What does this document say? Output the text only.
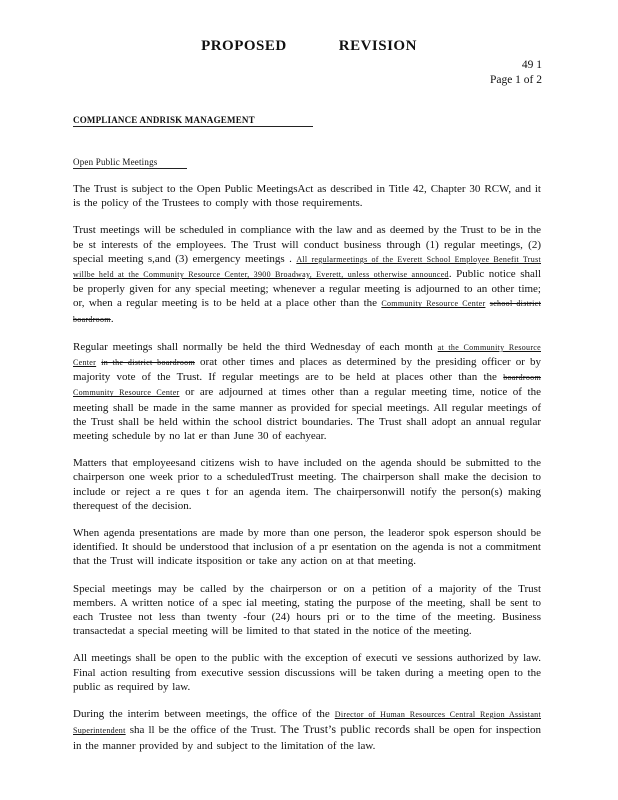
PROPOSED	REVISION
49 1
Page 1 of 2
COMPLIANCE ANDRISK MANAGEMENT
Open Public Meetings

The Trust is subject to the Open Public MeetingsAct as described in Title 42, Chapter 30 RCW, and it is the policy of the Trustees to comply with those requirements.

Trust meetings will be scheduled in compliance with the law and as deemed by the Trust to be in the be st interests of the employees. The Trust will conduct business through (1) regular meetings, (2) special meeting s,and (3) emergency meetings . All regularmeetings of the Everett School Employee Benefit Trust willbe held at the Community Resource Center, 3900 Broadway, Everett, unless otherwise announced. Public notice shall be properly given for any special meeting; whenever a regular meeting is adjourned to an other time; or, when a regular meeting is to be held at a place other than the Community Resource Center school district boardroom.

Regular meetings shall normally be held the third Wednesday of each month at the Community Resource Center in the district boardroom orat other times and places as determined by the presiding officer or by majority vote of the Trust. If regular meetings are to be held at places other than the boardroom Community Resource Center or are adjourned at times other than a regular meeting time, notice of the meeting shall be made in the same manner as provided for special meetings. All regular meetings of the Trust shall be held within the school district boundaries. The Trust shall adopt an annual regular meeting schedule by no lat er than June 30 of eachyear.

Matters that employeesand citizens wish to have included on the agenda should be submitted to the chairperson one week prior to a scheduledTrust meeting. The chairperson shall make the decision to include or reject a re ques t for an agenda item. The chairpersonwill notify the person(s) making therequest of the decision.

When agenda presentations are made by more than one person, the leaderor spok esperson should be identified. It should be understood that inclusion of a pr esentation on the agenda is not a commitment that the Trust will indicate itsposition or take any action on at that meeting.

Special meetings may be called by the chairperson or on a petition of a majority of the Trust members. A written notice of a spec ial meeting, stating the purpose of the meeting, shall be sent to each Trustee not less than twenty -four (24) hours pri or to the time of the meeting. Business transactedat a special meeting will be limited to that stated in the notice of the meeting.

All meetings shall be open to the public with the exception of executi ve sessions authorized by law. Final action resulting from executive session discussions will be taken during a meeting open to the public as required by law.

During the interim between meetings, the office of the Director of Human Resources Central Region Assistant Superintendent sha ll be the office of the Trust. The Trust’s public records shall be open for inspection in the manner provided by and subject to the limitation of the law.
